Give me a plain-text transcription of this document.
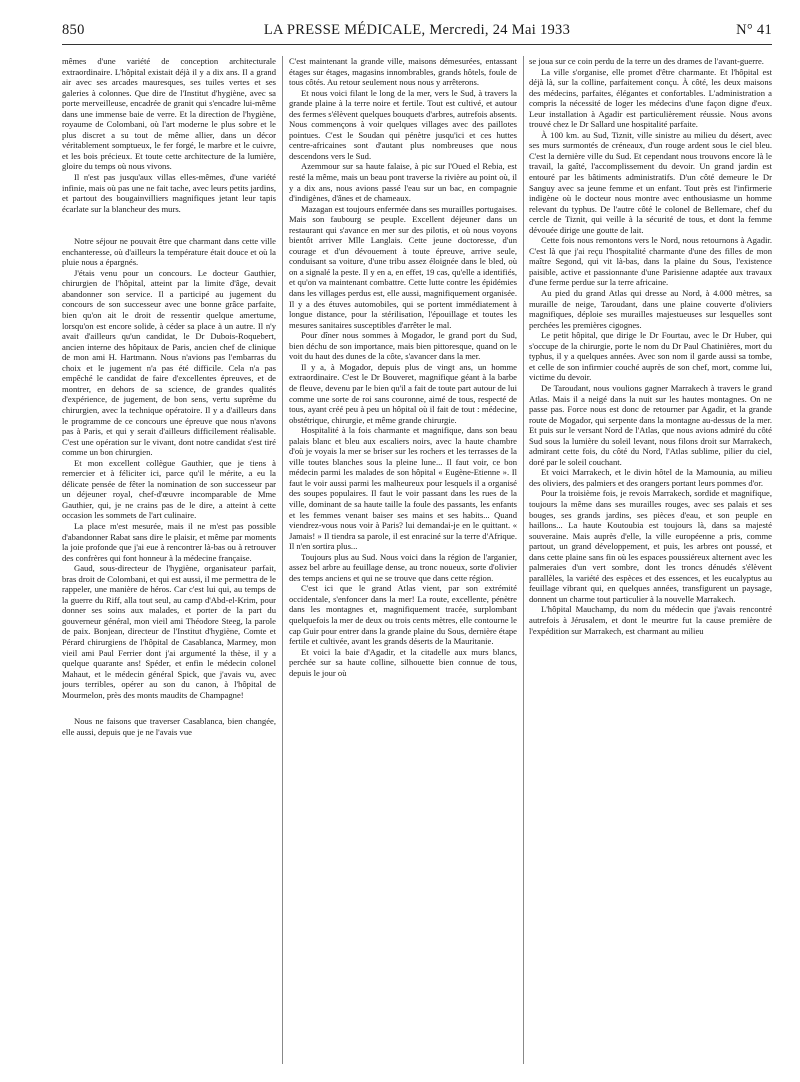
850	LA PRESSE MÉDICALE, Mercredi, 24 Mai 1933	N° 41

mêmes d'une variété de conception architecturale extraordinaire. L'hôpital existait déjà il y a dix ans. Il a grand air avec ses arcades mauresques, ses tuiles vertes et ses galeries à colonnes. Que dire de l'Institut d'hygiène, avec sa porte merveilleuse, encadrée de granit qui s'encadre lui-même dans une immense baie de verre. Et la direction de l'hygiène, royaume de Colombani, où l'art moderne le plus sobre et le plus discret a su tout de même allier, dans un décor véritablement somptueux, le fer forgé, le marbre et le cuivre, et les bois précieux. Et toute cette architecture de la lumière, gloire du temps où nous vivons.

Il n'est pas jusqu'aux villas elles-mêmes, d'une variété infinie, mais où pas une ne fait tache, avec leurs petits jardins, et partout des bougainvilliers magnifiques jetant leur tapis écarlate sur la blancheur des murs.

Notre séjour ne pouvait être que charmant dans cette ville enchanteresse, où d'ailleurs la température était douce et où la pluie nous a épargnés.

J'étais venu pour un concours. Le docteur Gauthier, chirurgien de l'hôpital, atteint par la limite d'âge, devait abandonner son service. Il a participé au jugement du concours de son successeur avec une bonne grâce parfaite, bien qu'on ait le droit de ressentir quelque amertume, lorsqu'on est encore solide, à céder sa place à un autre. Il n'y avait d'ailleurs qu'un candidat, le Dr Dubois-Roquebert, ancien interne des hôpitaux de Paris, ancien chef de clinique de mon ami H. Hartmann. Nous n'avions pas l'embarras du choix et le jugement n'a pas été difficile. Cela n'a pas empêché le candidat de faire d'excellentes épreuves, et de montrer, en dehors de sa science, de grandes qualités d'expérience, de jugement, de bon sens, vertu suprême du chirurgien, avec la technique opératoire. Il y a d'ailleurs dans le programme de ce concours une épreuve que nous n'avons pas à Paris, et qui y serait d'ailleurs difficilement réalisable. C'est une opération sur le vivant, dont notre candidat s'est tiré comme un bon chirurgien.

Et mon excellent collègue Gauthier, que je tiens à remercier et à féliciter ici, parce qu'il le mérite, a eu la délicate pensée de fêter la nomination de son successeur par un déjeuner royal, chef-d'œuvre incomparable de Mme Gauthier, qui, je ne crains pas de le dire, a atteint à cette occasion les sommets de l'art culinaire.

La place m'est mesurée, mais il ne m'est pas possible d'abandonner Rabat sans dire le plaisir, et même par moments la joie profonde que j'ai eue à rencontrer là-bas ou à retrouver des confrères qui font honneur à la médecine française.

Gaud, sous-directeur de l'hygiène, organisateur parfait, bras droit de Colombani, et qui est aussi, il me permettra de le rappeler, une manière de héros. Car c'est lui qui, au temps de la guerre du Riff, alla tout seul, au camp d'Abd-el-Krim, pour donner ses soins aux malades, et porter de la part du gouverneur général, mon vieil ami Théodore Steeg, la parole de paix. Bonjean, directeur de l'Institut d'hygiène, Comte et Pérard chirurgiens de l'hôpital de Casablanca, Marmey, mon vieil ami Paul Ferrier dont j'ai argumenté la thèse, il y a quelque quarante ans! Spéder, et enfin le médecin colonel Mahaut, et le médecin général Spick, que j'avais vu, avec jours terribles, opérer au son du canon, à l'hôpital de Mourmelon, près des monts maudits de Champagne!

Nous ne faisons que traverser Casablanca, bien changée, elle aussi, depuis que je ne l'avais vue

C'est maintenant la grande ville, maisons démesurées, entassant étages sur étages, magasins innombrables, grands hôtels, foule de tous côtés. Au retour seulement nous nous y arrêterons.

Et nous voici filant le long de la mer, vers le Sud, à travers la grande plaine à la terre noire et fertile. Tout est cultivé, et autour des fermes s'élèvent quelques bouquets d'arbres, autrefois absents. Nous commençons à voir quelques villages avec des paillotes pointues. C'est le Soudan qui pénètre jusqu'ici et ces huttes centre-africaines sont d'autant plus nombreuses que nous descendons vers le Sud.

Azemmour sur sa haute falaise, à pic sur l'Oued el Rebia, est resté la même, mais un beau pont traverse la rivière au point où, il y a dix ans, nous avions passé l'eau sur un bac, en compagnie d'indigènes, d'ânes et de chameaux.

Mazagan est toujours enfermée dans ses murailles portugaises. Mais son faubourg se peuple. Excellent déjeuner dans un restaurant qui s'avance en mer sur des pilotis, et où nous voyons bientôt arriver Mlle Langlais. Cette jeune doctoresse, d'un courage et d'un dévouement à toute épreuve, arrive seule, conduisant sa voiture, d'une tribu assez éloignée dans le bled, où on a signalé la peste. Il y en a, en effet, 19 cas, qu'elle a identifiés, et qu'on va maintenant combattre. Cette lutte contre les épidémies dans les villages perdus est, elle aussi, magnifiquement organisée. Il y a des étuves automobiles, qui se portent immédiatement à longue distance, pour la stérilisation, l'épouillage et toutes les mesures sanitaires susceptibles d'arrêter le mal.

Pour dîner nous sommes à Mogador, le grand port du Sud, bien déchu de son importance, mais bien pittoresque, quand on le voit du haut des dunes de la côte, s'avancer dans la mer.

Il y a, à Mogador, depuis plus de vingt ans, un homme extraordinaire. C'est le Dr Bouveret, magnifique géant à la barbe de fleuve, devenu par le bien qu'il a fait de toute part autour de lui comme une sorte de roi sans couronne, aimé de tous, respecté de tous, ayant créé peu à peu un hôpital où il fait de tout : médecine, obstétrique, chirurgie, et même grande chirurgie.

Hospitalité à la fois charmante et magnifique, dans son beau palais blanc et bleu aux escaliers noirs, avec la haute chambre d'où je voyais la mer se briser sur les rochers et les terrasses de la ville toutes blanches sous la pleine lune... Il faut voir, ce bon médecin parmi les malades de son hôpital « Eugène-Etienne ». Il faut le voir aussi parmi les malheureux pour lesquels il a organisé des soupes populaires. Il faut le voir passant dans les rues de la ville, dominant de sa haute taille la foule des passants, les enfants et les femmes venant baiser ses mains et ses habits... Quand viendrez-vous nous voir à Paris? lui demandai-je en le quittant. « Jamais! » Il tiendra sa parole, il est enraciné sur la terre d'Afrique. Il n'en sortira plus...

Toujours plus au Sud. Nous voici dans la région de l'arganier, assez bel arbre au feuillage dense, au tronc noueux, sorte d'olivier des temps anciens et qui ne se trouve que dans cette région.

C'est ici que le grand Atlas vient, par son extrémité occidentale, s'enfoncer dans la mer! La route, excellente, pénètre dans les montagnes et, magnifiquement tracée, surplombant quelquefois la mer de deux ou trois cents mètres, elle contourne le cap Guir pour entrer dans la grande plaine du Sous, dernière étape fertile et cultivée, avant les grands déserts de la Mauritanie.

Et voici la baie d'Agadir, et la citadelle aux murs blancs, perchée sur sa haute colline, silhouette bien connue de tous, depuis le jour où

se joua sur ce coin perdu de la terre un des drames de l'avant-guerre.

La ville s'organise, elle promet d'être charmante. Et l'hôpital est déjà là, sur la colline, parfaitement conçu. À côté, les deux maisons des médecins, parfaites, élégantes et confortables. L'administration a compris la nécessité de loger les médecins d'une façon digne d'eux. Leur installation à Agadir est particulièrement réussie. Nous avons trouvé chez le Dr Sallard une hospitalité parfaite.

À 100 km. au Sud, Tiznit, ville sinistre au milieu du désert, avec ses murs surmontés de créneaux, d'un rouge ardent sous le ciel bleu. C'est la dernière ville du Sud. Et cependant nous trouvons encore là le travail, la gaîté, l'accomplissement du devoir. Un grand jardin est entouré par les bâtiments administratifs. D'un côté demeure le Dr Sanguy avec sa jeune femme et un enfant. Tout près est l'infirmerie indigène où le docteur nous montre avec enthousiasme un homme relevant du typhus. De l'autre côté le colonel de Bellemare, chef du cercle de Tiznit, qui veille à la sécurité de tous, et dont la femme dévouée dirige une goutte de lait.

Cette fois nous remontons vers le Nord, nous retournons à Agadir. C'est là que j'ai reçu l'hospitalité charmante d'une des filles de mon maître Segond, qui vit là-bas, dans la plaine du Sous, l'existence paisible, active et passionnante d'une Parisienne adaptée aux travaux d'une ferme perdue sur la terre africaine.

Au pied du grand Atlas qui dresse au Nord, à 4.000 mètres, sa muraille de neige, Taroudant, dans une plaine couverte d'oliviers magnifiques, déploie ses murailles majestueuses sur lesquelles sont perchées les premières cigognes.

Le petit hôpital, que dirige le Dr Fourtau, avec le Dr Huber, qui s'occupe de la chirurgie, porte le nom du Dr Paul Chatinières, mort du typhus, il y a quelques années. Avec son nom il garde aussi sa tombe, et celle de son infirmier couché auprès de son chef, mort, comme lui, victime du devoir.

De Taroudant, nous voulions gagner Marrakech à travers le grand Atlas. Mais il a neigé dans la nuit sur les hautes montagnes. On ne passe pas. Force nous est donc de retourner par Agadir, et la grande route de Mogador, qui serpente dans la montagne au-dessus de la mer. Et puis sur le versant Nord de l'Atlas, que nous avions admiré du côté Sud sous la lumière du soleil levant, nous filons droit sur Marrakech, admirant cette fois, du côté du Nord, l'Atlas sublime, pilier du ciel, doré par le soleil couchant.

Et voici Marrakech, et le divin hôtel de la Mamounia, au milieu des oliviers, des palmiers et des orangers portant leurs pommes d'or.

Pour la troisième fois, je revois Marrakech, sordide et magnifique, toujours la même dans ses murailles rouges, avec ses palais et ses bouges, ses grands jardins, ses pièces d'eau, et son peuple en haillons... La haute Koutoubia est toujours là, dans sa majesté souveraine. Mais auprès d'elle, la ville européenne a pris, comme partout, un grand développement, et puis, les arbres ont poussé, et dans cette plaine sans fin où les espaces poussiéreux alternent avec les palmeraies d'un vert sombre, dont les troncs dénudés s'élèvent parallèles, la variété des espèces et des essences, et les eucalyptus au feuillage vibrant qui, en quelques années, transfigurent un paysage, donnent un charme tout particulier à la nouvelle Marrakech.

L'hôpital Mauchamp, du nom du médecin que j'avais rencontré autrefois à Jérusalem, et dont le meurtre fut la cause première de l'expédition sur Marrakech, est charmant au milieu
